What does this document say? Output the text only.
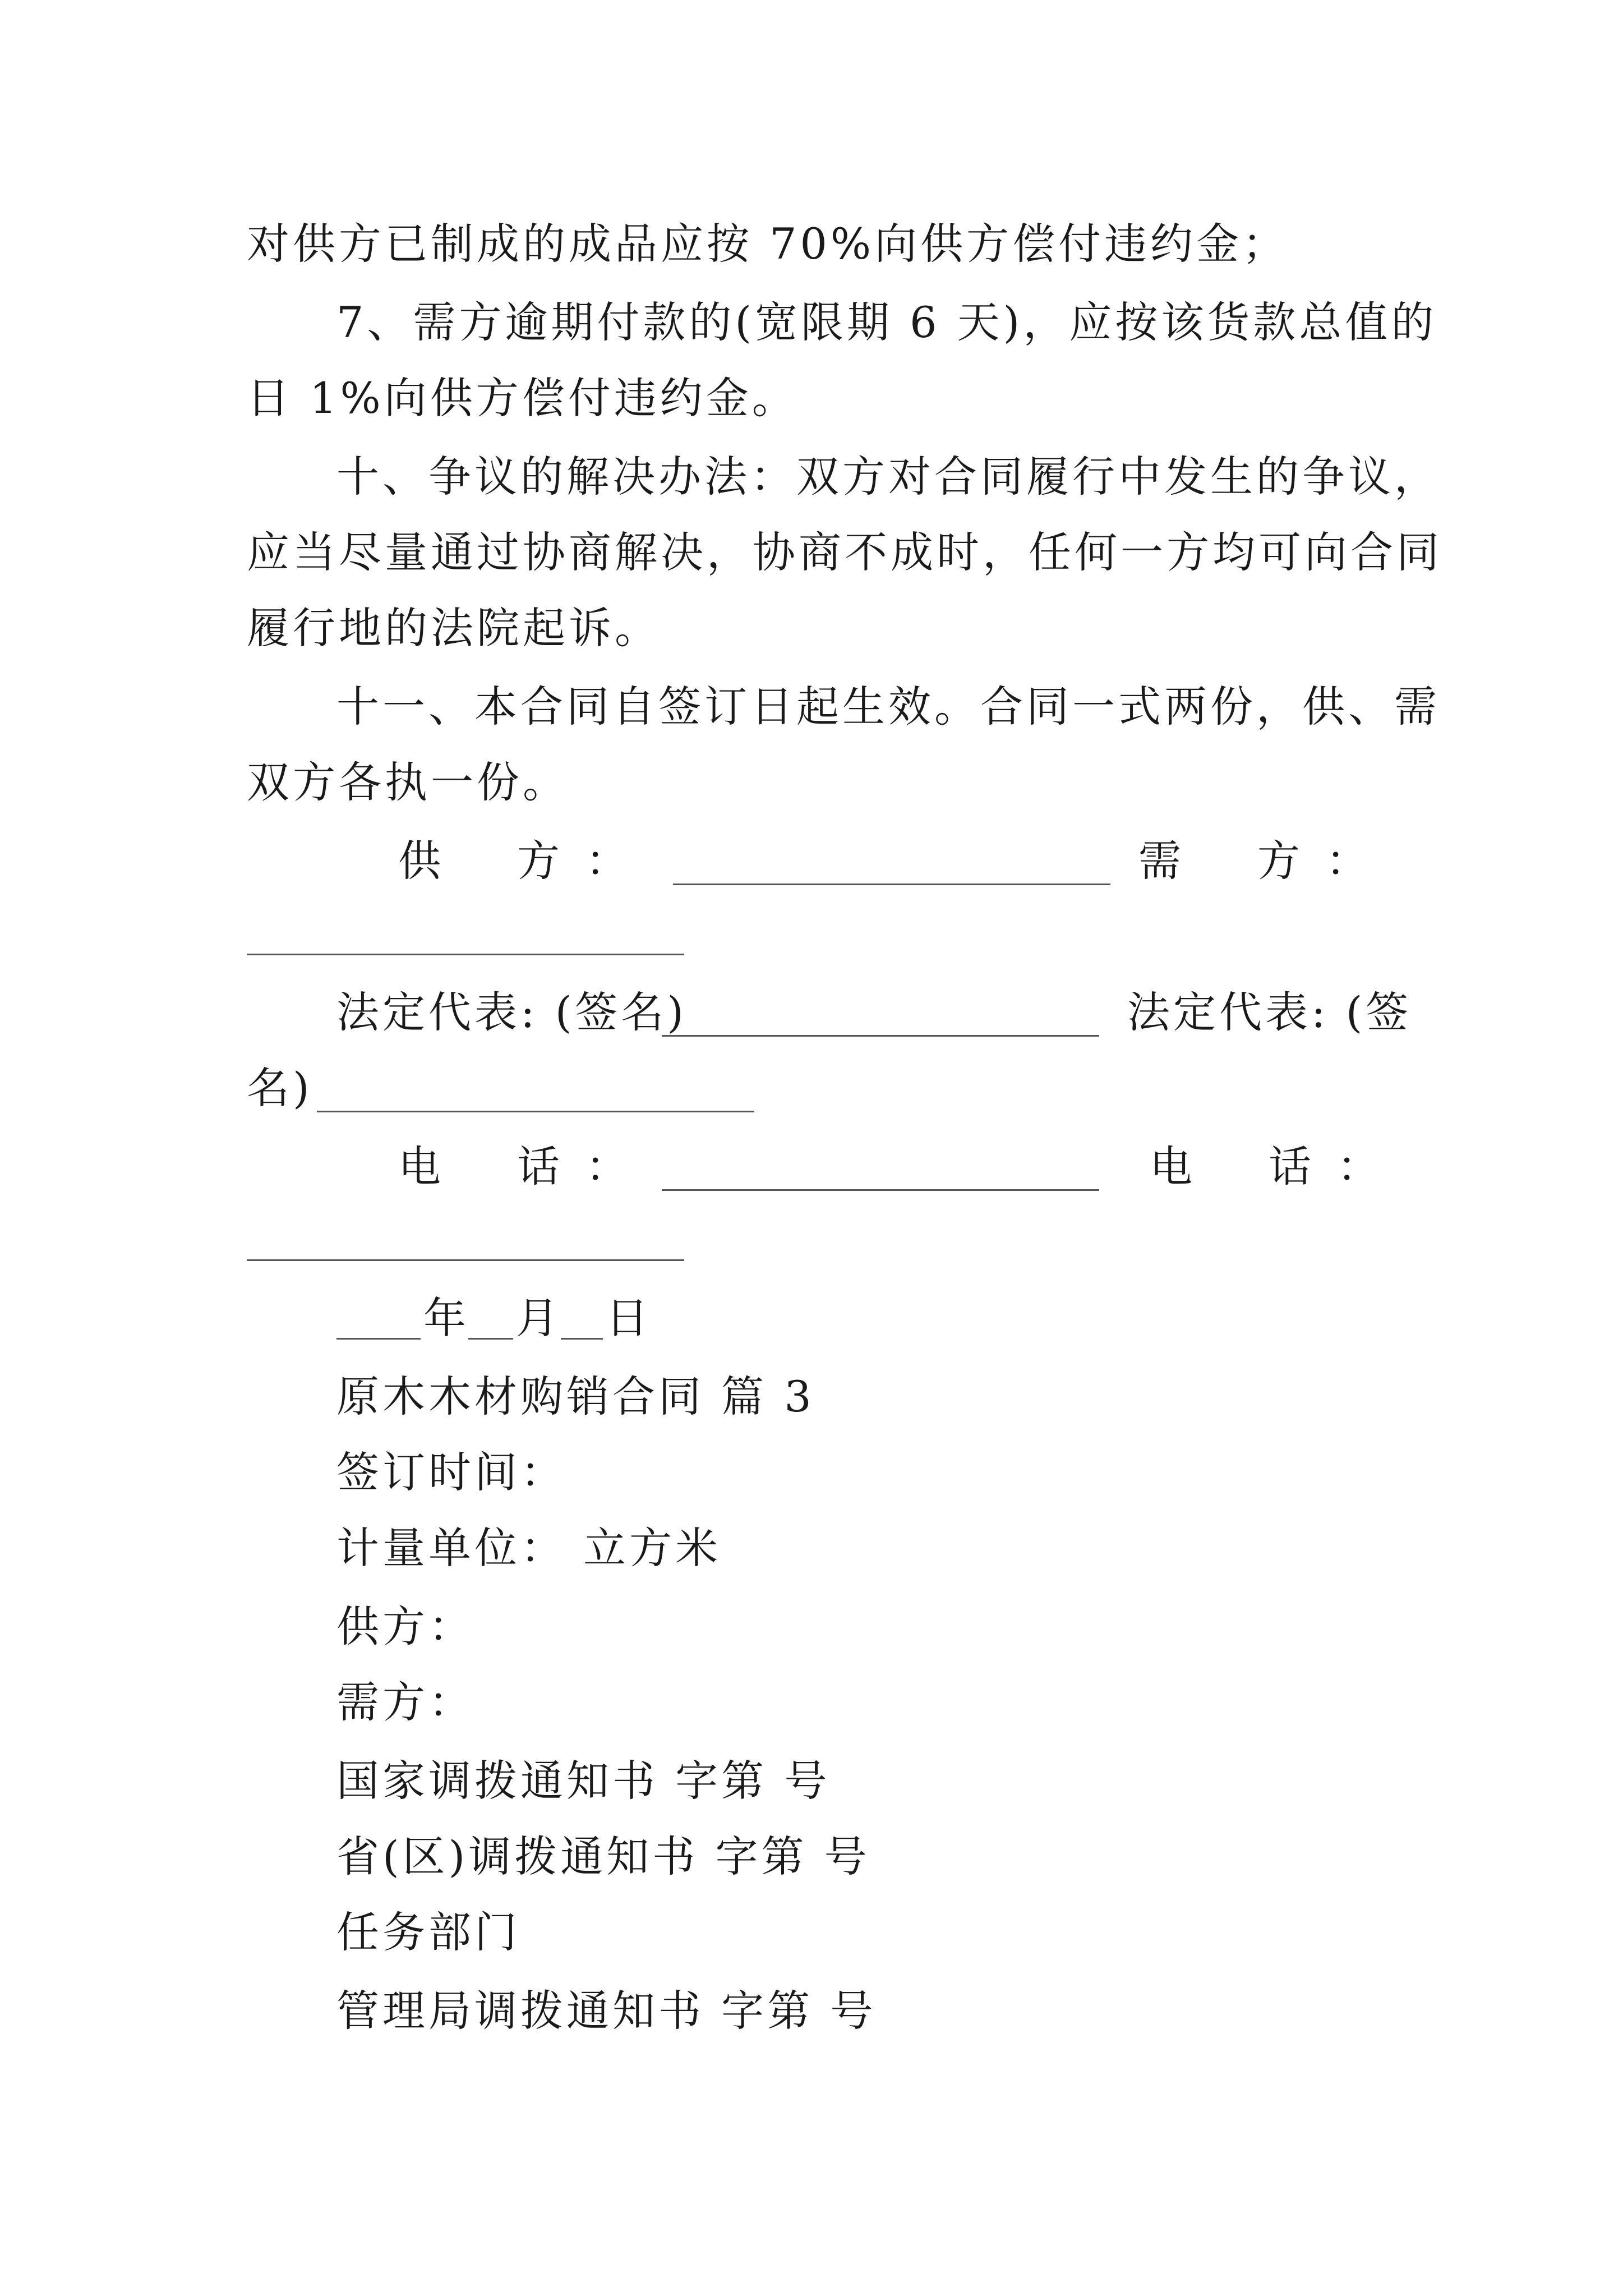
对供方已制成的成品应按 70%向供方偿付违约金；
7、需方逾期付款的(宽限期 6 天)，应按该货款总值的
日 1%向供方偿付违约金。
十、争议的解决办法：双方对合同履行中发生的争议，
应当尽量通过协商解决，协商不成时，任何一方均可向合同
履行地的法院起诉。
十一、本合同自签订日起生效。合同一式两份，供、需
双方各执一份。
供 方 ：	需 方 ：
法定代表: (签名)	法定代表: (签
名)
电 话 ：	电 话 ：
年 月 日
原木木材购销合同 篇 3
签订时间：
计量单位： 立方米
供方：
需方：
国家调拨通知书 字第 号
省(区)调拨通知书 字第 号
任务部门
管理局调拨通知书 字第 号
